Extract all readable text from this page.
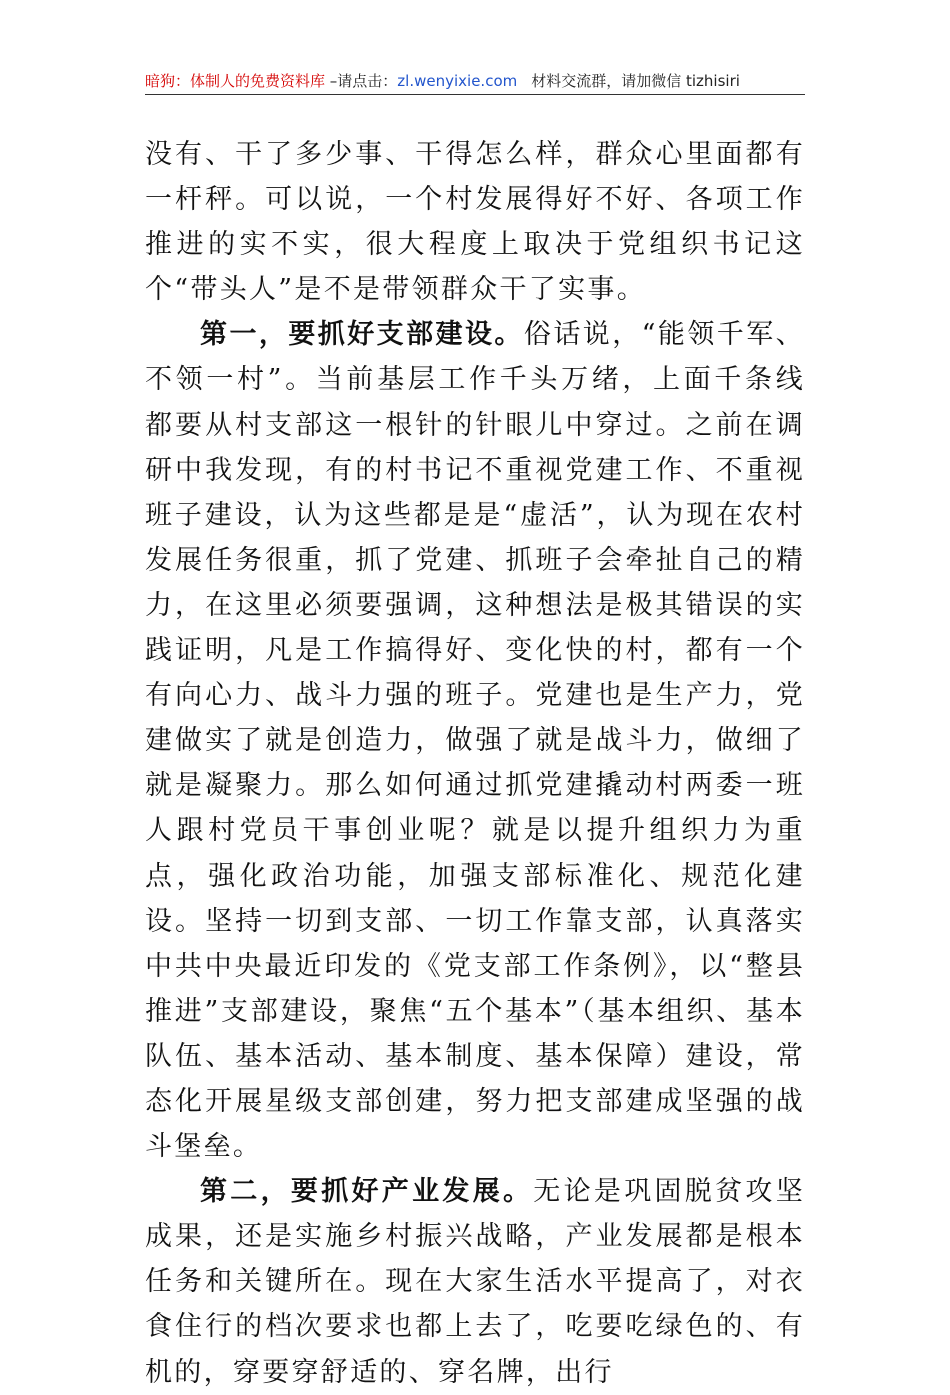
暗狗：体制人的免费资料库 –请点击：zl.wenyixie.com 材料交流群，请加微信 tizhisiri

没有、干了多少事、干得怎么样，群众心里面都有一杆秤。可以说，一个村发展得好不好、各项工作推进的实不实，很大程度上取决于党组织书记这个“带头人”是不是带领群众干了实事。

第一，要抓好支部建设。俗话说，“能领千军、不领一村”。当前基层工作千头万绪，上面千条线都要从村支部这一根针的针眼儿中穿过。之前在调研中我发现，有的村书记不重视党建工作、不重视班子建设，认为这些都是是“虚活”，认为现在农村发展任务很重，抓了党建、抓班子会牵扯自己的精力，在这里必须要强调，这种想法是极其错误的实践证明，凡是工作搞得好、变化快的村，都有一个有向心力、战斗力强的班子。党建也是生产力，党建做实了就是创造力，做强了就是战斗力，做细了就是凝聚力。那么如何通过抓党建撬动村两委一班人跟村党员干事创业呢？就是以提升组织力为重点，强化政治功能，加强支部标准化、规范化建设。坚持一切到支部、一切工作靠支部，认真落实中共中央最近印发的《党支部工作条例》，以“整县推进”支部建设，聚焦“五个基本”（基本组织、基本队伍、基本活动、基本制度、基本保障）建设，常态化开展星级支部创建，努力把支部建成坚强的战斗堡垒。

第二，要抓好产业发展。无论是巩固脱贫攻坚成果，还是实施乡村振兴战略，产业发展都是根本任务和关键所在。现在大家生活水平提高了，对衣食住行的档次要求也都上去了，吃要吃绿色的、有机的，穿要穿舒适的、穿名牌，出行
